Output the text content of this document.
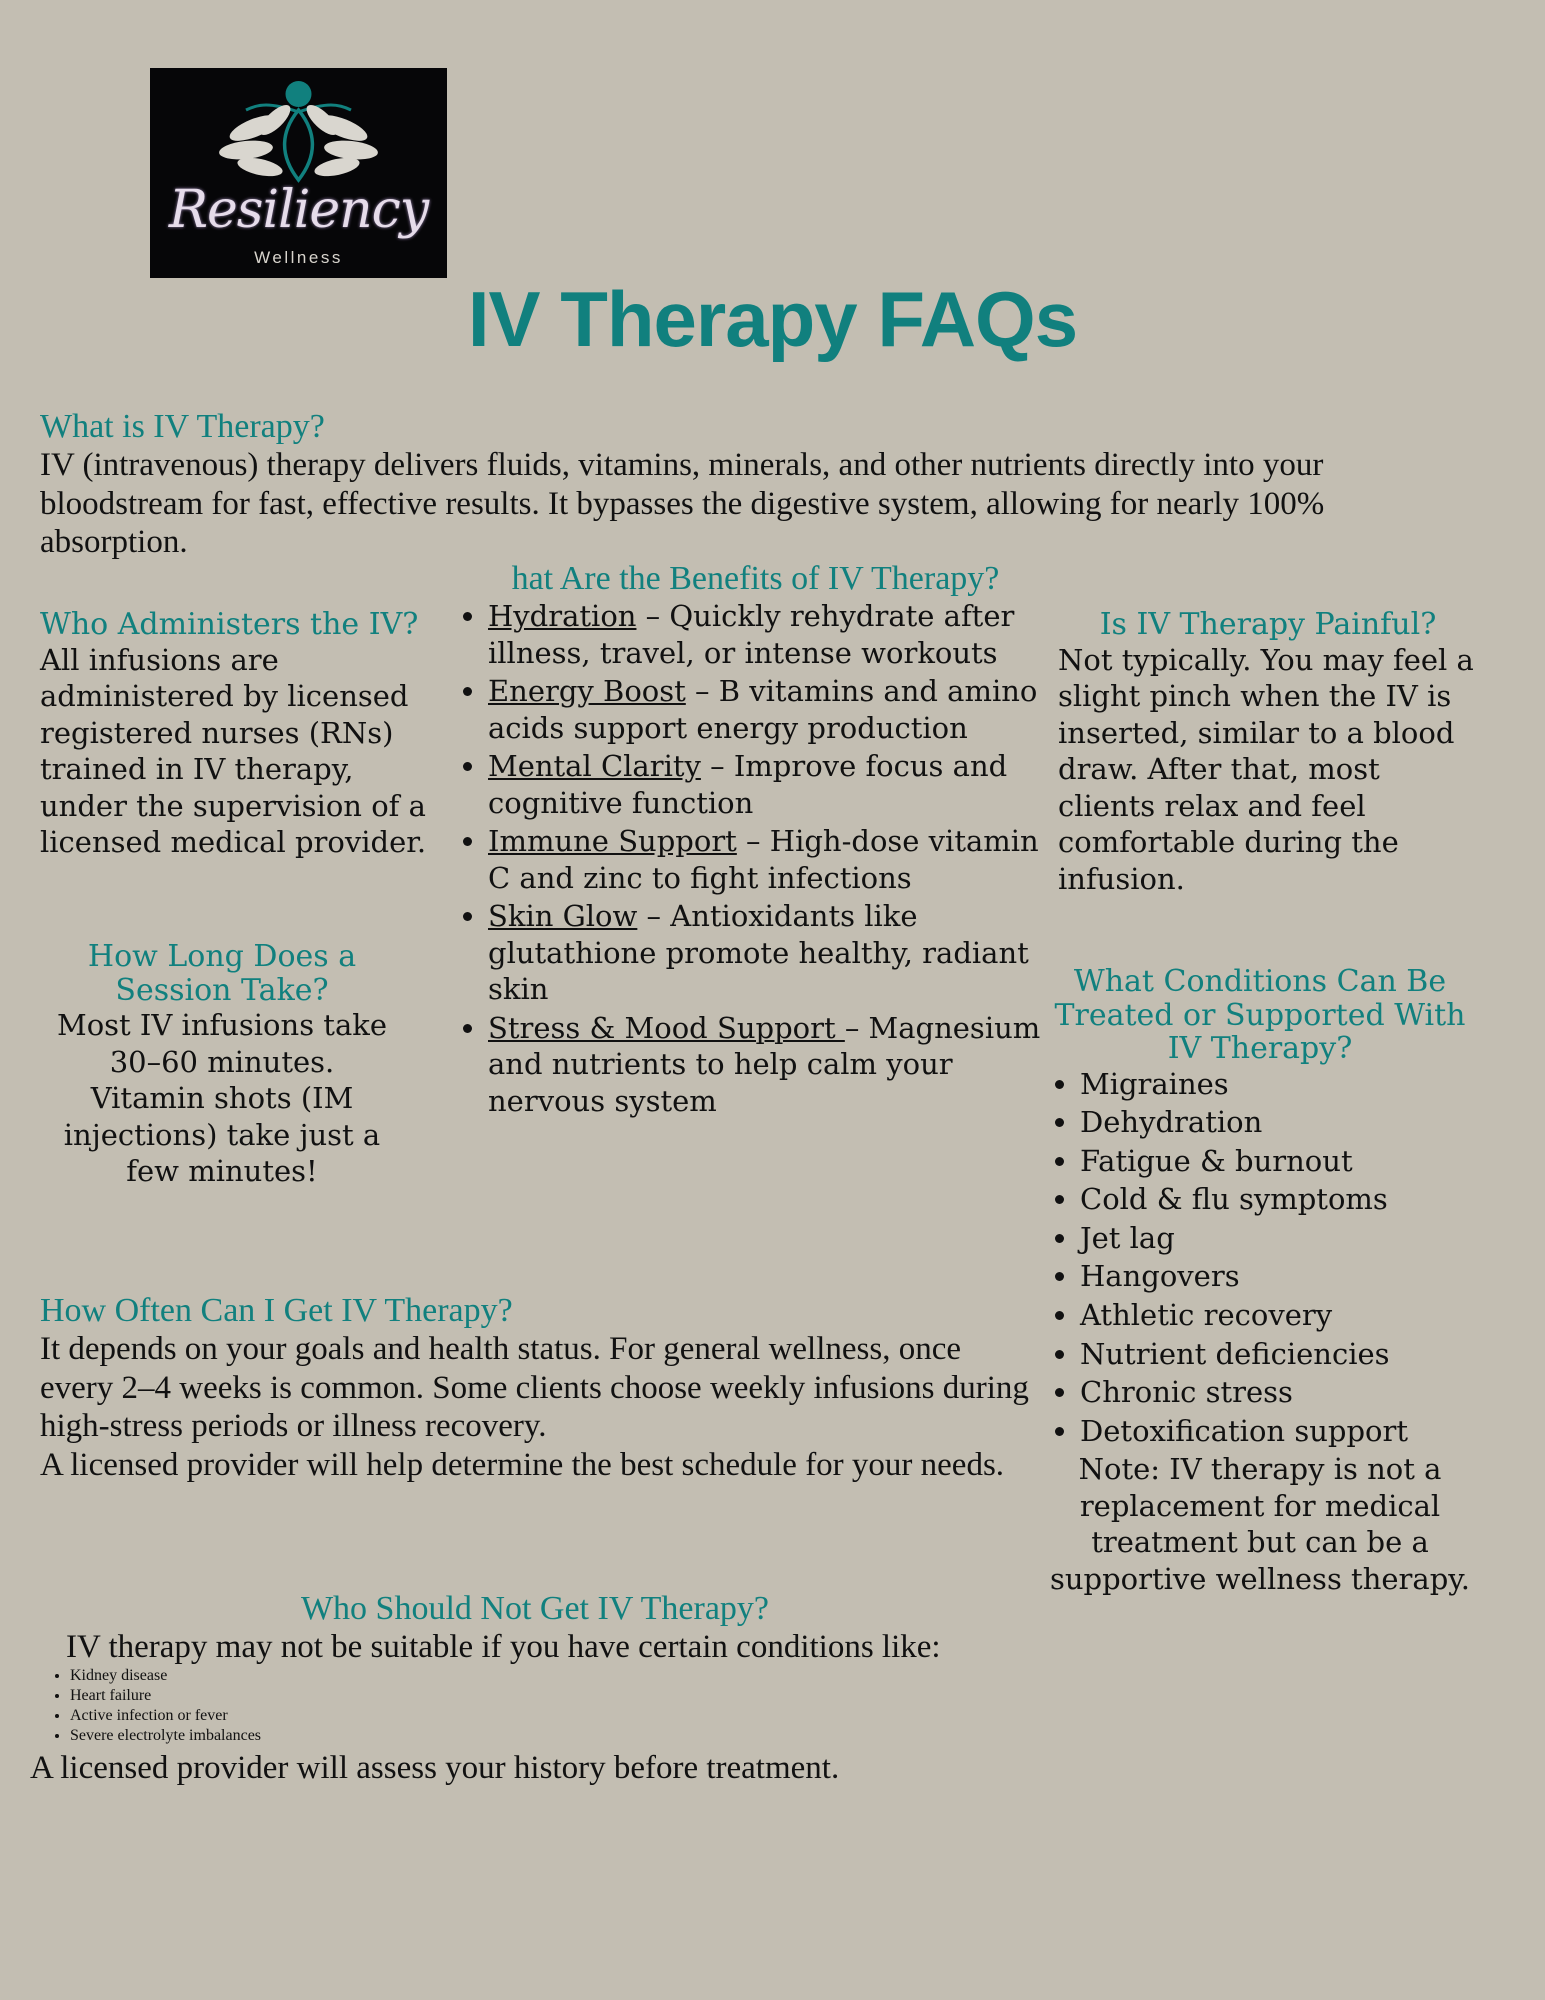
Resiliency
Wellness
IV Therapy FAQs
What is IV Therapy?
IV (intravenous) therapy delivers fluids, vitamins, minerals, and other nutrients directly into your bloodstream for fast, effective results. It bypasses the digestive system, allowing for nearly 100% absorption.
Who Administers the IV?
All infusions are administered by licensed registered nurses (RNs) trained in IV therapy, under the supervision of a licensed medical provider.
How Long Does a Session Take?
Most IV infusions take 30–60 minutes. Vitamin shots (IM injections) take just a few minutes!
hat Are the Benefits of IV Therapy?
• Hydration – Quickly rehydrate after illness, travel, or intense workouts
• Energy Boost – B vitamins and amino acids support energy production
• Mental Clarity – Improve focus and cognitive function
• Immune Support – High-dose vitamin C and zinc to fight infections
• Skin Glow – Antioxidants like glutathione promote healthy, radiant skin
• Stress & Mood Support – Magnesium and nutrients to help calm your nervous system
Is IV Therapy Painful?
Not typically. You may feel a slight pinch when the IV is inserted, similar to a blood draw. After that, most clients relax and feel comfortable during the infusion.
What Conditions Can Be Treated or Supported With IV Therapy?
• Migraines
• Dehydration
• Fatigue & burnout
• Cold & flu symptoms
• Jet lag
• Hangovers
• Athletic recovery
• Nutrient deficiencies
• Chronic stress
• Detoxification support
Note: IV therapy is not a replacement for medical treatment but can be a supportive wellness therapy.
How Often Can I Get IV Therapy?
It depends on your goals and health status. For general wellness, once every 2–4 weeks is common. Some clients choose weekly infusions during high-stress periods or illness recovery.
A licensed provider will help determine the best schedule for your needs.
Who Should Not Get IV Therapy?
IV therapy may not be suitable if you have certain conditions like:
• Kidney disease
• Heart failure
• Active infection or fever
• Severe electrolyte imbalances
A licensed provider will assess your history before treatment.
